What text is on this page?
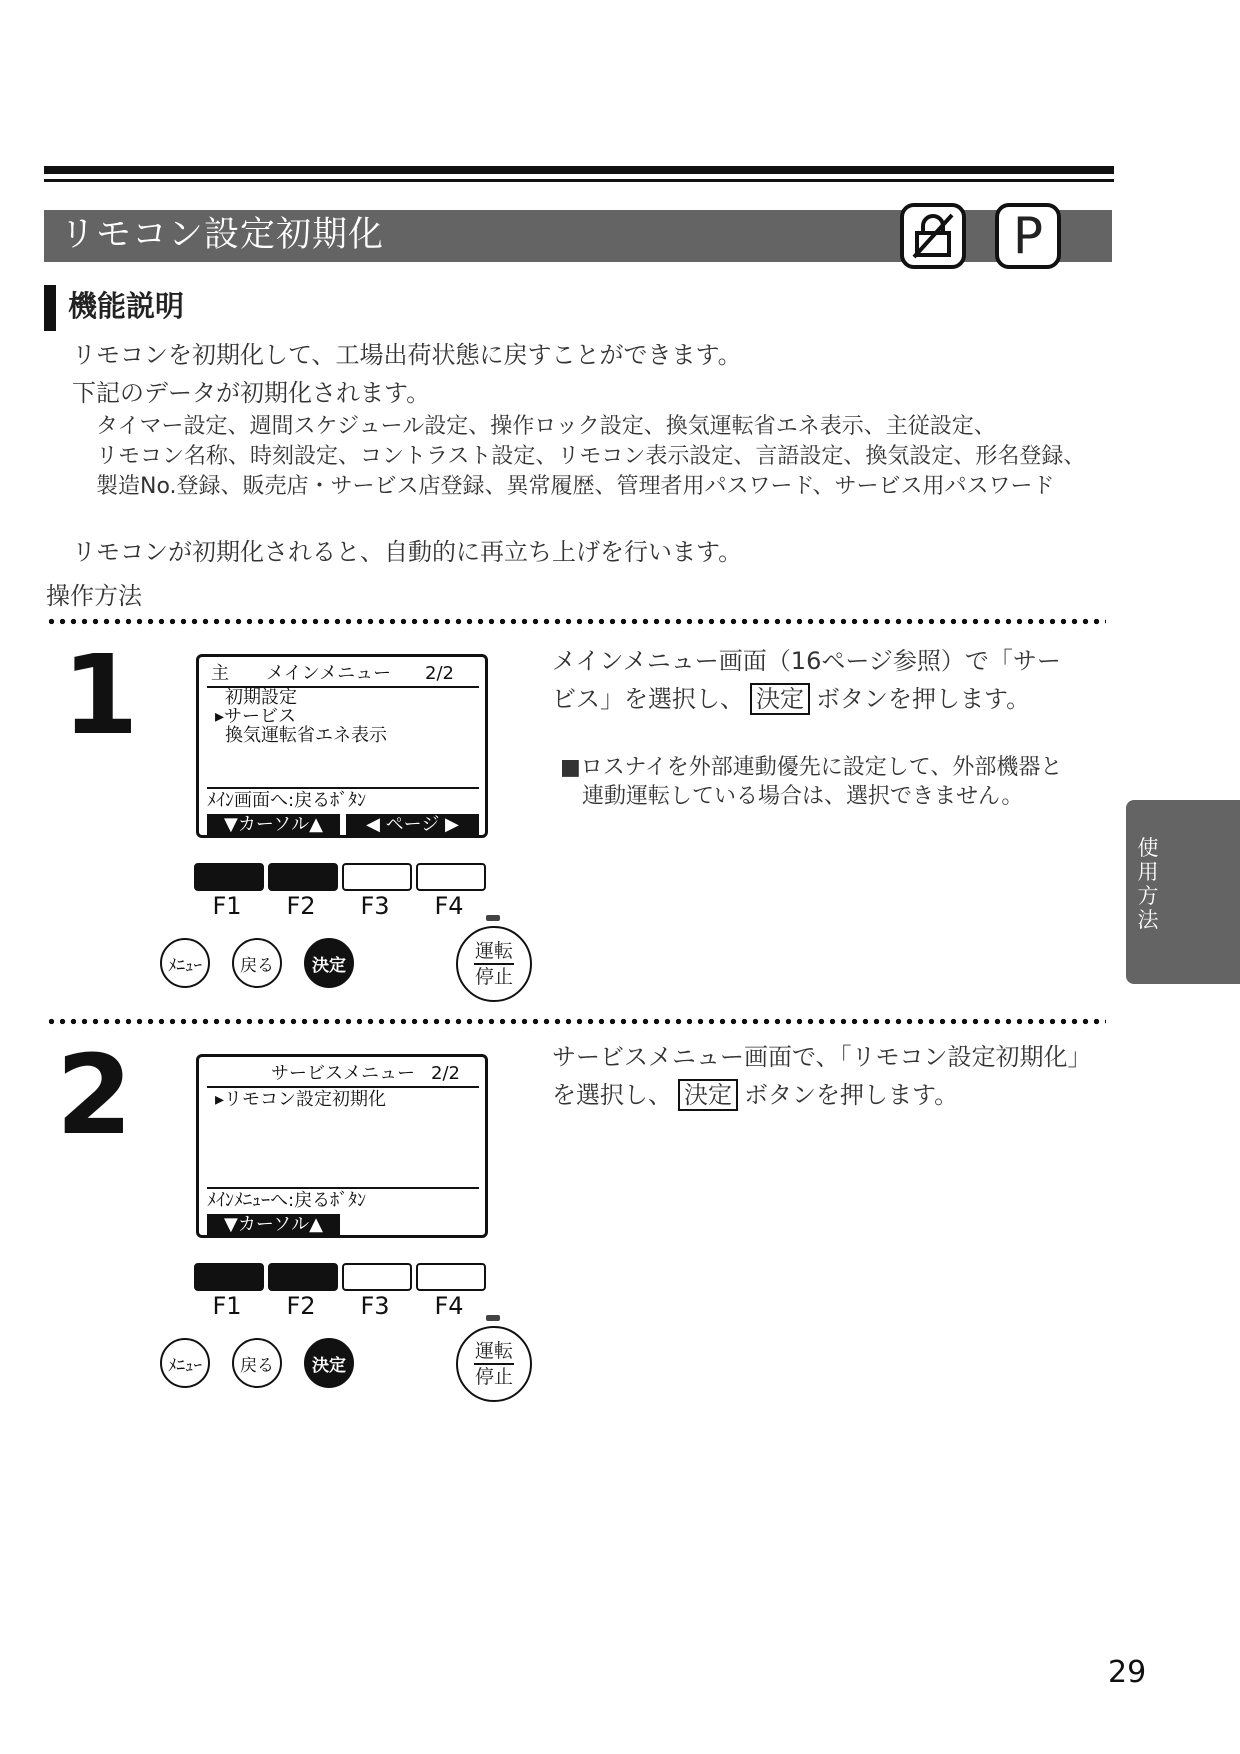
リモコン設定初期化	P
機能説明
リモコンを初期化して、工場出荷状態に戻すことができます。
下記のデータが初期化されます。
タイマー設定、週間スケジュール設定、操作ロック設定、換気運転省エネ表示、主従設定、
リモコン名称、時刻設定、コントラスト設定、リモコン表示設定、言語設定、換気設定、形名登録、
製造No.登録、販売店・サービス店登録、異常履歴、管理者用パスワード、サービス用パスワード
リモコンが初期化されると、自動的に再立ち上げを行います。
操作方法
1	主 メインメニュー 2/2
初期設定
▸サービス
換気運転省エネ表示
ﾒｲﾝ画面へ:戻るﾎﾞﾀﾝ
▼カーソル▲	◀ ページ ▶
F1	F2	F3	F4
ﾒﾆｭｰ	戻る	決定
運転
停止
メインメニュー画面（16ページ参照）で「サー
ビス」を選択し、 決定 ボタンを押します。
■ロスナイを外部連動優先に設定して、外部機器と
連動運転している場合は、選択できません。
2	サービスメニュー 2/2
▸リモコン設定初期化
ﾒｲﾝﾒﾆｭｰへ:戻るﾎﾞﾀﾝ
▼カーソル▲
F1	F2	F3	F4
ﾒﾆｭｰ	戻る	決定
運転
停止
サービスメニュー画面で、「リモコン設定初期化」
を選択し、 決定 ボタンを押します。
使用方法
29
